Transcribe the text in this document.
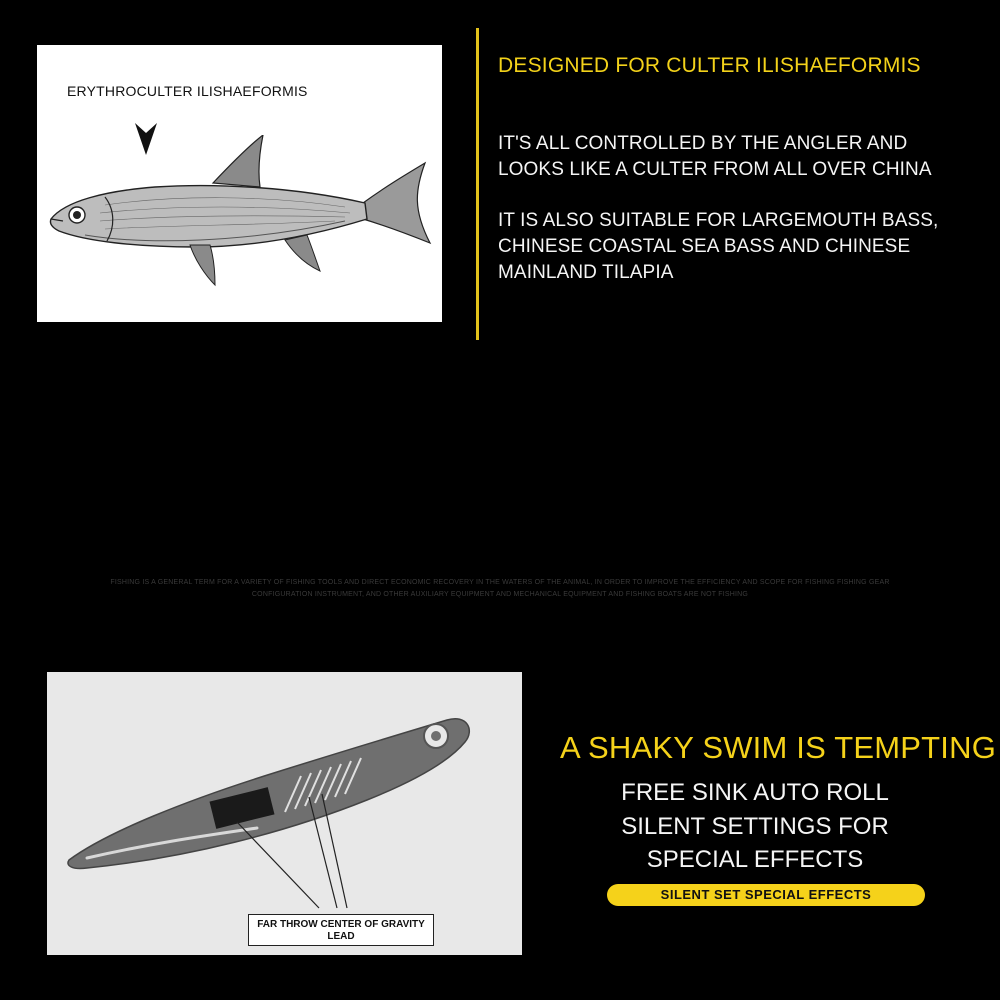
ERYTHROCULTER ILISHAEFORMIS
DESIGNED FOR CULTER ILISHAEFORMIS
IT'S ALL CONTROLLED BY THE ANGLER AND LOOKS LIKE A CULTER FROM ALL OVER CHINA
IT IS ALSO SUITABLE FOR LARGEMOUTH BASS, CHINESE COASTAL SEA BASS AND CHINESE MAINLAND TILAPIA
FISHING IS A GENERAL TERM FOR A VARIETY OF FISHING TOOLS AND DIRECT ECONOMIC RECOVERY IN THE WATERS OF THE ANIMAL, IN ORDER TO IMPROVE THE EFFICIENCY AND SCOPE FOR FISHING FISHING GEAR CONFIGURATION INSTRUMENT, AND OTHER AUXILIARY EQUIPMENT AND MECHANICAL EQUIPMENT AND FISHING BOATS ARE NOT FISHING
FAR THROW CENTER OF GRAVITY LEAD
A SHAKY SWIM IS TEMPTING
FREE SINK AUTO ROLL
SILENT SETTINGS FOR
SPECIAL EFFECTS
SILENT SET SPECIAL EFFECTS
